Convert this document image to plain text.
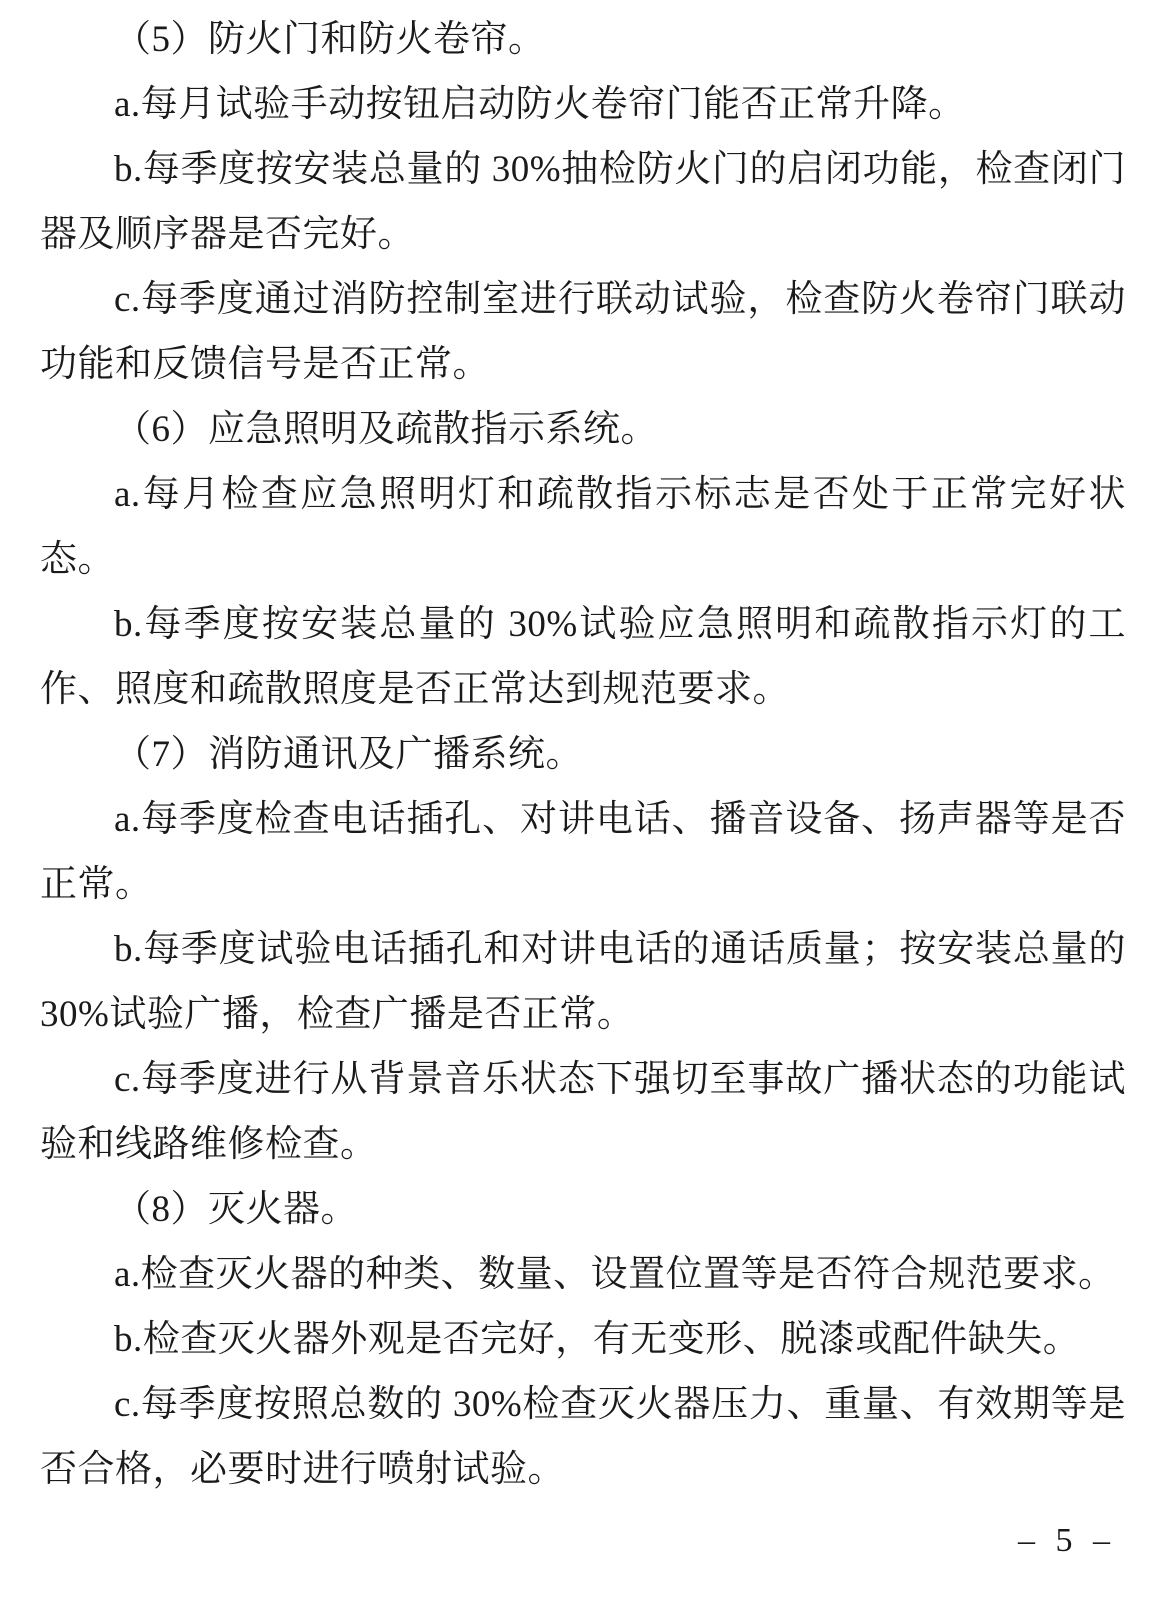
（5）防火门和防火卷帘。

a.每月试验手动按钮启动防火卷帘门能否正常升降。

b.每季度按安装总量的 30%抽检防火门的启闭功能，检查闭门器及顺序器是否完好。

c.每季度通过消防控制室进行联动试验，检查防火卷帘门联动功能和反馈信号是否正常。

（6）应急照明及疏散指示系统。

a.每月检查应急照明灯和疏散指示标志是否处于正常完好状态。

b.每季度按安装总量的 30%试验应急照明和疏散指示灯的工作、照度和疏散照度是否正常达到规范要求。

（7）消防通讯及广播系统。

a.每季度检查电话插孔、对讲电话、播音设备、扬声器等是否正常。

b.每季度试验电话插孔和对讲电话的通话质量；按安装总量的 30%试验广播，检查广播是否正常。

c.每季度进行从背景音乐状态下强切至事故广播状态的功能试验和线路维修检查。

（8）灭火器。

a.检查灭火器的种类、数量、设置位置等是否符合规范要求。

b.检查灭火器外观是否完好，有无变形、脱漆或配件缺失。

c.每季度按照总数的 30%检查灭火器压力、重量、有效期等是否合格，必要时进行喷射试验。

– 5 –
